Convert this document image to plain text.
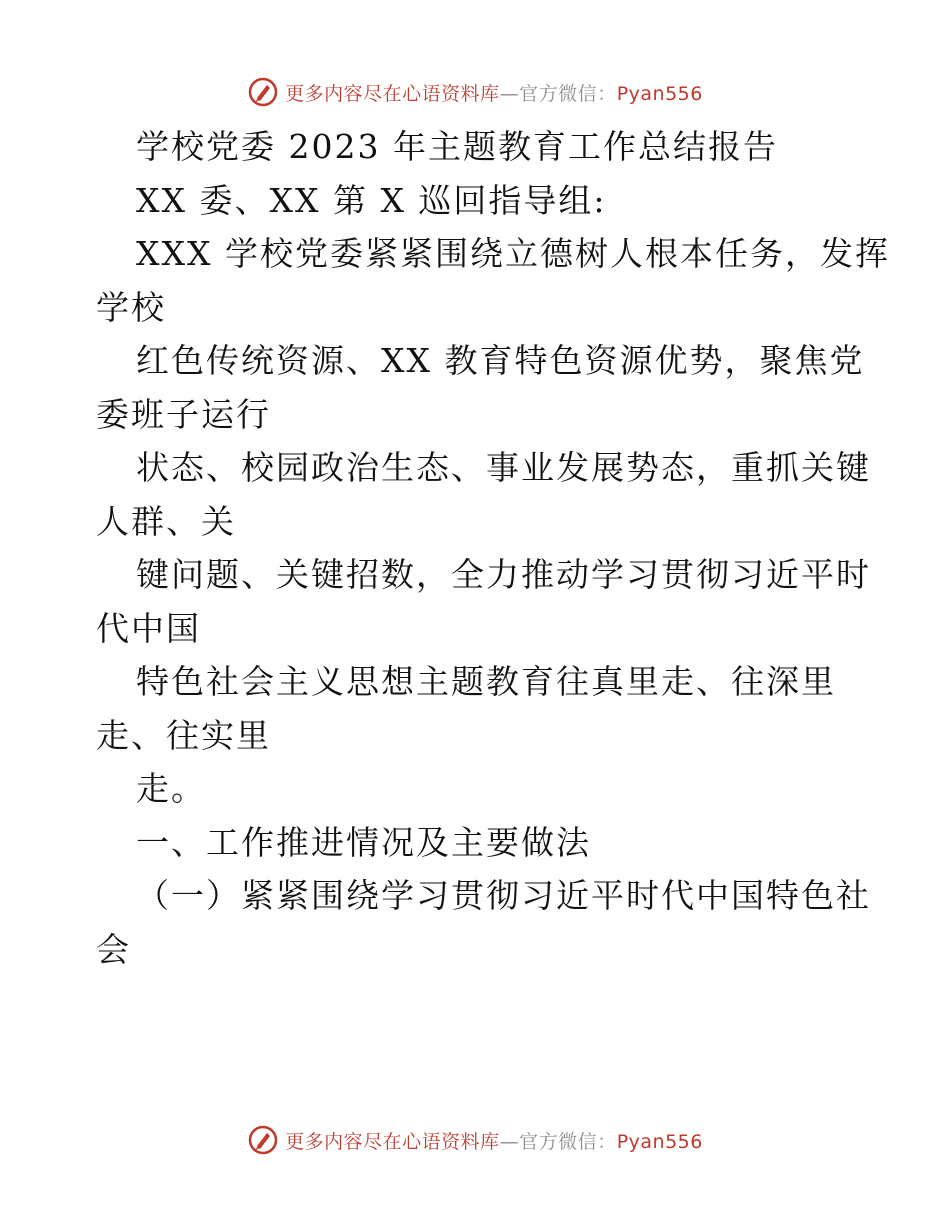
更多内容尽在心语资料库—官方微信：Pyan556
学校党委 2023 年主题教育工作总结报告
XX 委、XX 第 X 巡回指导组:
XXX 学校党委紧紧围绕立德树人根本任务，发挥
学校
红色传统资源、XX 教育特色资源优势，聚焦党
委班子运行
状态、校园政治生态、事业发展势态，重抓关键
人群、关
键问题、关键招数，全力推动学习贯彻习近平时
代中国
特色社会主义思想主题教育往真里走、往深里
走、往实里
走。
一、工作推进情况及主要做法
（一）紧紧围绕学习贯彻习近平时代中国特色社
会
更多内容尽在心语资料库—官方微信：Pyan556
